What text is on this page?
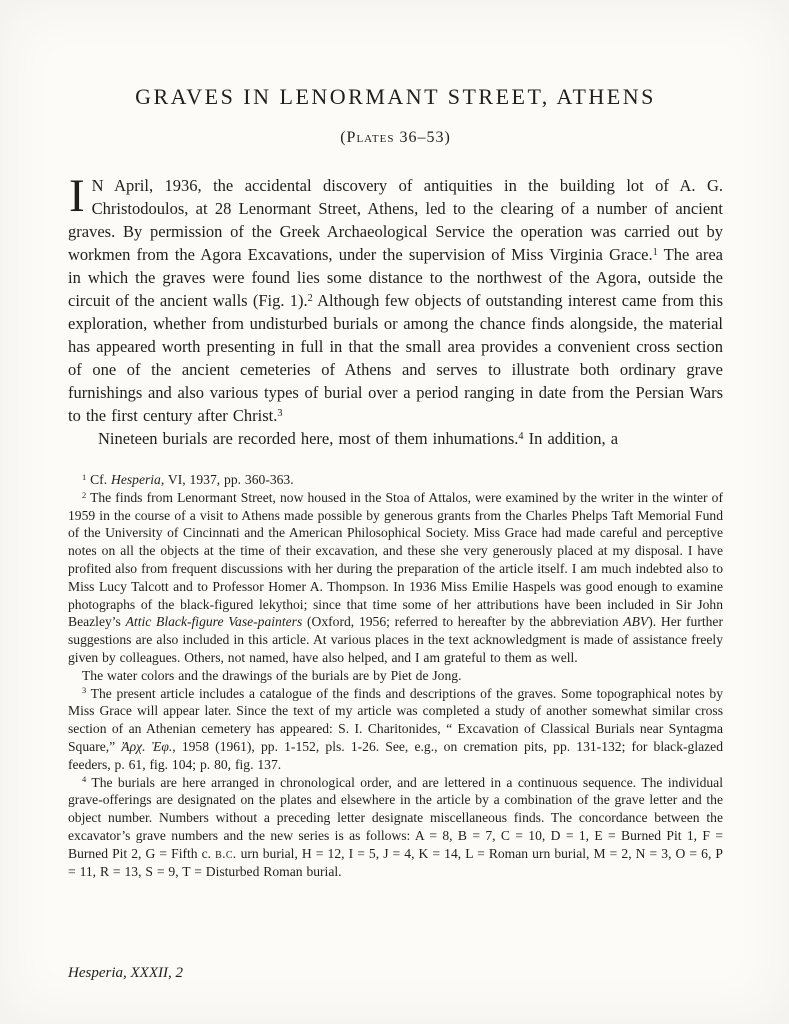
GRAVES IN LENORMANT STREET, ATHENS
(Plates 36–53)

I N April, 1936, the accidental discovery of antiquities in the building lot of A. G. Christodoulos, at 28 Lenormant Street, Athens, led to the clearing of a number of ancient graves. By permission of the Greek Archaeological Service the operation was carried out by workmen from the Agora Excavations, under the supervision of Miss Virginia Grace.$^1$ The area in which the graves were found lies some distance to the northwest of the Agora, outside the circuit of the ancient walls (Fig. 1).$^2$ Although few objects of outstanding interest came from this exploration, whether from undisturbed burials or among the chance finds alongside, the material has appeared worth presenting in full in that the small area provides a convenient cross section of one of the ancient cemeteries of Athens and serves to illustrate both ordinary grave furnishings and also various types of burial over a period ranging in date from the Persian Wars to the first century after Christ.$^3$

Nineteen burials are recorded here, most of them inhumations.$^4$ In addition, a

$^1$ Cf. Hesperia, VI, 1937, pp. 360-363.

$^2$ The finds from Lenormant Street, now housed in the Stoa of Attalos, were examined by the writer in the winter of 1959 in the course of a visit to Athens made possible by generous grants from the Charles Phelps Taft Memorial Fund of the University of Cincinnati and the American Philosophical Society. Miss Grace had made careful and perceptive notes on all the objects at the time of their excavation, and these she very generously placed at my disposal. I have profited also from frequent discussions with her during the preparation of the article itself. I am much indebted also to Miss Lucy Talcott and to Professor Homer A. Thompson. In 1936 Miss Emilie Haspels was good enough to examine photographs of the black-figured lekythoi; since that time some of her attributions have been included in Sir John Beazley’s Attic Black-figure Vase-painters (Oxford, 1956; referred to hereafter by the abbreviation ABV). Her further suggestions are also included in this article. At various places in the text acknowledgment is made of assistance freely given by colleagues. Others, not named, have also helped, and I am grateful to them as well.

The water colors and the drawings of the burials are by Piet de Jong.

$^3$ The present article includes a catalogue of the finds and descriptions of the graves. Some topographical notes by Miss Grace will appear later. Since the text of my article was completed a study of another somewhat similar cross section of an Athenian cemetery has appeared: S. I. Charitonides, “ Excavation of Classical Burials near Syntagma Square,” Ἀρχ. Ἐφ., 1958 (1961), pp. 1-152, pls. 1-26. See, e.g., on cremation pits, pp. 131-132; for black-glazed feeders, p. 61, fig. 104; p. 80, fig. 137.

$^4$ The burials are here arranged in chronological order, and are lettered in a continuous sequence. The individual grave-offerings are designated on the plates and elsewhere in the article by a combination of the grave letter and the object number. Numbers without a preceding letter designate miscellaneous finds. The concordance between the excavator’s grave numbers and the new series is as follows: A = 8, B = 7, C = 10, D = 1, E = Burned Pit 1, F = Burned Pit 2, G = Fifth c. b.c. urn burial, H = 12, I = 5, J = 4, K = 14, L = Roman urn burial, M = 2, N = 3, O = 6, P = 11, R = 13, S = 9, T = Disturbed Roman burial.

Hesperia, XXXII, 2
